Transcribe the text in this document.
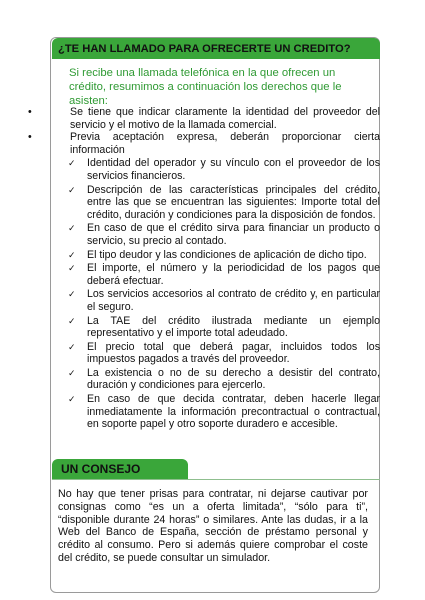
¿TE HAN LLAMADO PARA OFRECERTE UN CREDITO?

Si recibe una llamada telefónica en la que ofrecen un crédito, resumimos a continuación los derechos que le asisten:

•	Se tiene que indicar claramente la identidad del proveedor del servicio y el motivo de la llamada comercial.
•	Previa aceptación expresa, deberán proporcionar cierta información
✓ Identidad del operador y su vínculo con el proveedor de los servicios financieros.
✓ Descripción de las características principales del crédito, entre las que se encuentran las siguientes: Importe total del crédito, duración y condiciones para la disposición de fondos.
✓ En caso de que el crédito sirva para financiar un producto o servicio, su precio al contado.
✓ El tipo deudor y las condiciones de aplicación de dicho tipo.
✓ El importe, el número y la periodicidad de los pagos que deberá efectuar.
✓ Los servicios accesorios al contrato de crédito y, en particular el seguro.
✓ La TAE del crédito ilustrada mediante un ejemplo representativo y el importe total adeudado.
✓ El precio total que deberá pagar, incluidos todos los impuestos pagados a través del proveedor.
✓ La existencia o no de su derecho a desistir del contrato, duración y condiciones para ejercerlo.
✓ En caso de que decida contratar, deben hacerle llegar inmediatamente la información precontractual o contractual, en soporte papel y otro soporte duradero e accesible.
UN CONSEJO

No hay que tener prisas para contratar, ni dejarse cautivar por consignas como “es un a oferta limitada”, “sólo para ti”, “disponible durante 24 horas” o similares. Ante las dudas, ir a la Web del Banco de España, sección de préstamo personal y crédito al consumo. Pero si además quiere comprobar el coste del crédito, se puede consultar un simulador.
